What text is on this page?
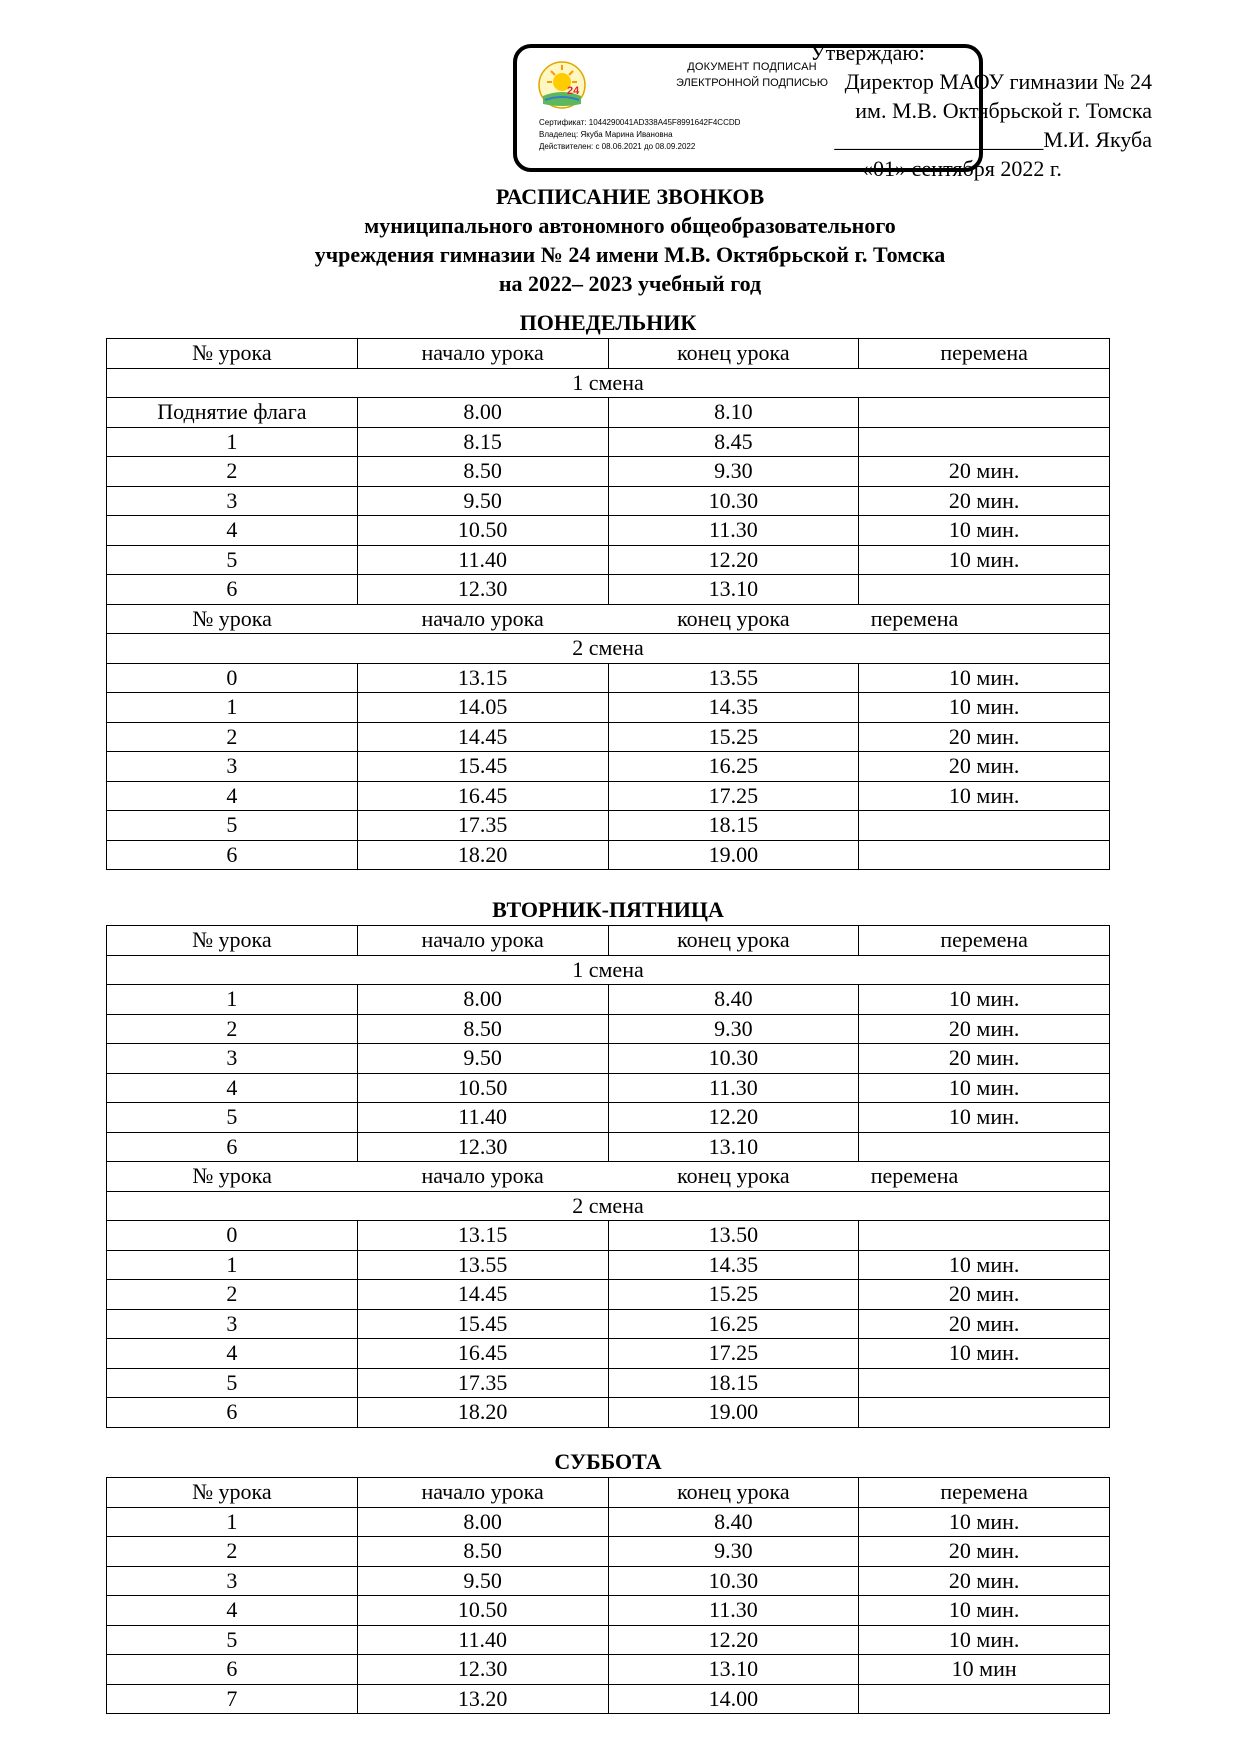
Утверждаю:
Директор МАОУ гимназии № 24
им. М.В. Октябрьской г. Томска
___________________М.И. Якуба
«01» сентября 2022 г.
24
ДОКУМЕНТ ПОДПИСАН
ЭЛЕКТРОННОЙ ПОДПИСЬЮ
Сертификат: 1044290041AD338A45F8991642F4CCDD
Владелец: Якуба Марина Ивановна
Действителен: с 08.06.2021 до 08.09.2022
РАСПИСАНИЕ ЗВОНКОВ
муниципального автономного общеобразовательного
учреждения гимназии № 24 имени М.В. Октябрьской г. Томска
на 2022– 2023 учебный год
ПОНЕДЕЛЬНИК
№ урока	начало урока	конец урока	перемена
1 смена			
Поднятие флага	8.00	8.10	
1	8.15	8.45	
2	8.50	9.30	20 мин.
3	9.50	10.30	20 мин.
4	10.50	11.30	10 мин.
5	11.40	12.20	10 мин.
6	12.30	13.10	
№ урока	начало урока	конец урока	перемена
2 смена			
0	13.15	13.55	10 мин.
1	14.05	14.35	10 мин.
2	14.45	15.25	20 мин.
3	15.45	16.25	20 мин.
4	16.45	17.25	10 мин.
5	17.35	18.15	
6	18.20	19.00	
ВТОРНИК-ПЯТНИЦА
№ урока	начало урока	конец урока	перемена
1 смена			
1	8.00	8.40	10 мин.
2	8.50	9.30	20 мин.
3	9.50	10.30	20 мин.
4	10.50	11.30	10 мин.
5	11.40	12.20	10 мин.
6	12.30	13.10	
№ урока	начало урока	конец урока	перемена
2 смена			
0	13.15	13.50	
1	13.55	14.35	10 мин.
2	14.45	15.25	20 мин.
3	15.45	16.25	20 мин.
4	16.45	17.25	10 мин.
5	17.35	18.15	
6	18.20	19.00	
СУББОТА
№ урока	начало урока	конец урока	перемена
1	8.00	8.40	10 мин.
2	8.50	9.30	20 мин.
3	9.50	10.30	20 мин.
4	10.50	11.30	10 мин.
5	11.40	12.20	10 мин.
6	12.30	13.10	10 мин
7	13.20	14.00	
